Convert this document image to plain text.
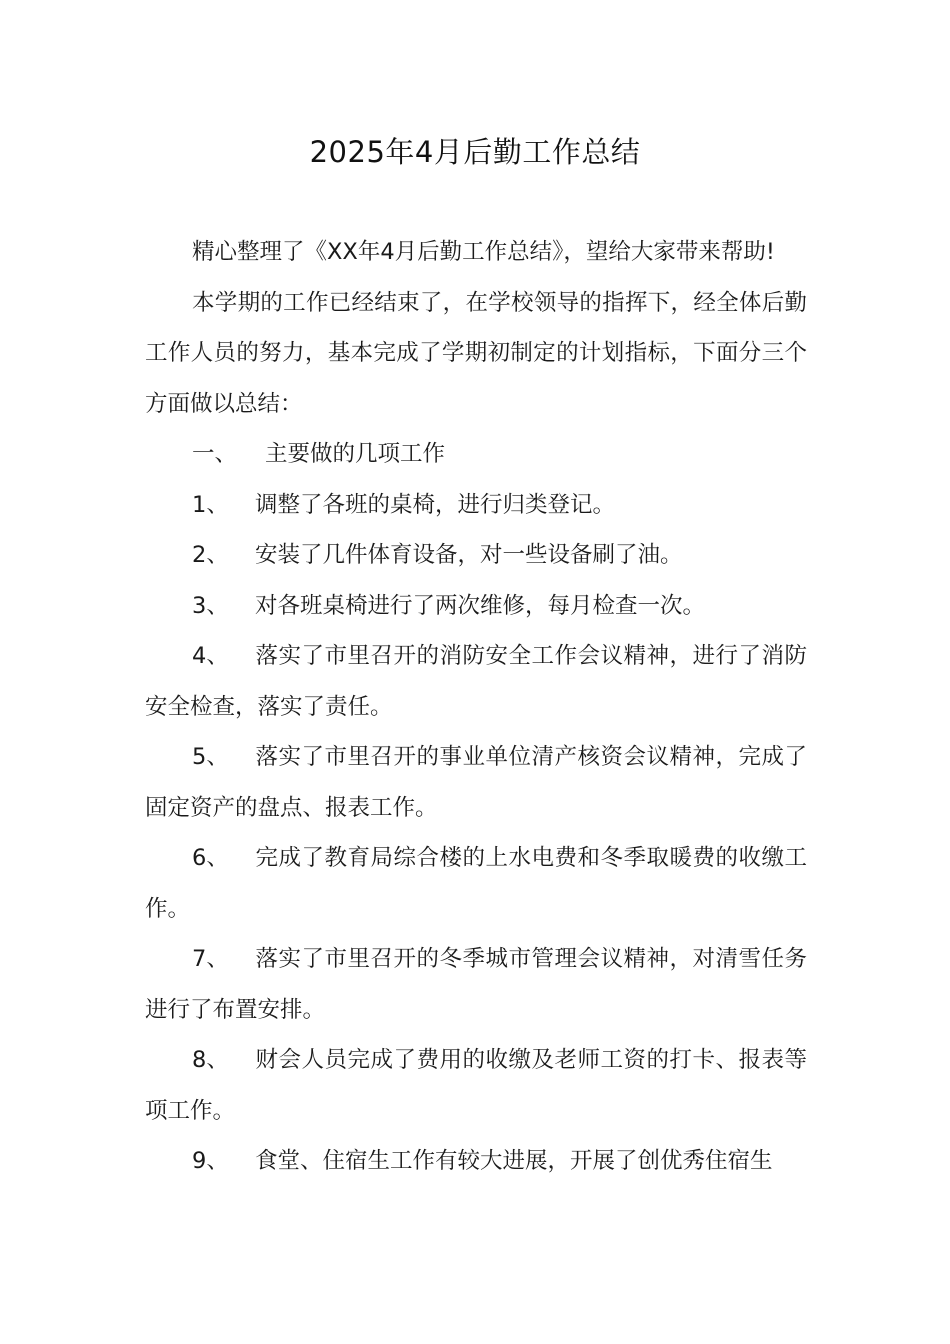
2025年4月后勤工作总结

精心整理了《XX年4月后勤工作总结》，望给大家带来帮助!

本学期的工作已经结束了，在学校领导的指挥下，经全体后勤工作人员的努力，基本完成了学期初制定的计划指标，下面分三个方面做以总结：

一、 主要做的几项工作

1、 调整了各班的桌椅，进行归类登记。

2、 安装了几件体育设备，对一些设备刷了油。

3、 对各班桌椅进行了两次维修，每月检查一次。

4、 落实了市里召开的消防安全工作会议精神，进行了消防安全检查，落实了责任。

5、 落实了市里召开的事业单位清产核资会议精神，完成了固定资产的盘点、报表工作。

6、 完成了教育局综合楼的上水电费和冬季取暖费的收缴工作。

7、 落实了市里召开的冬季城市管理会议精神，对清雪任务进行了布置安排。

8、 财会人员完成了费用的收缴及老师工资的打卡、报表等项工作。

9、 食堂、住宿生工作有较大进展，开展了创优秀住宿生
